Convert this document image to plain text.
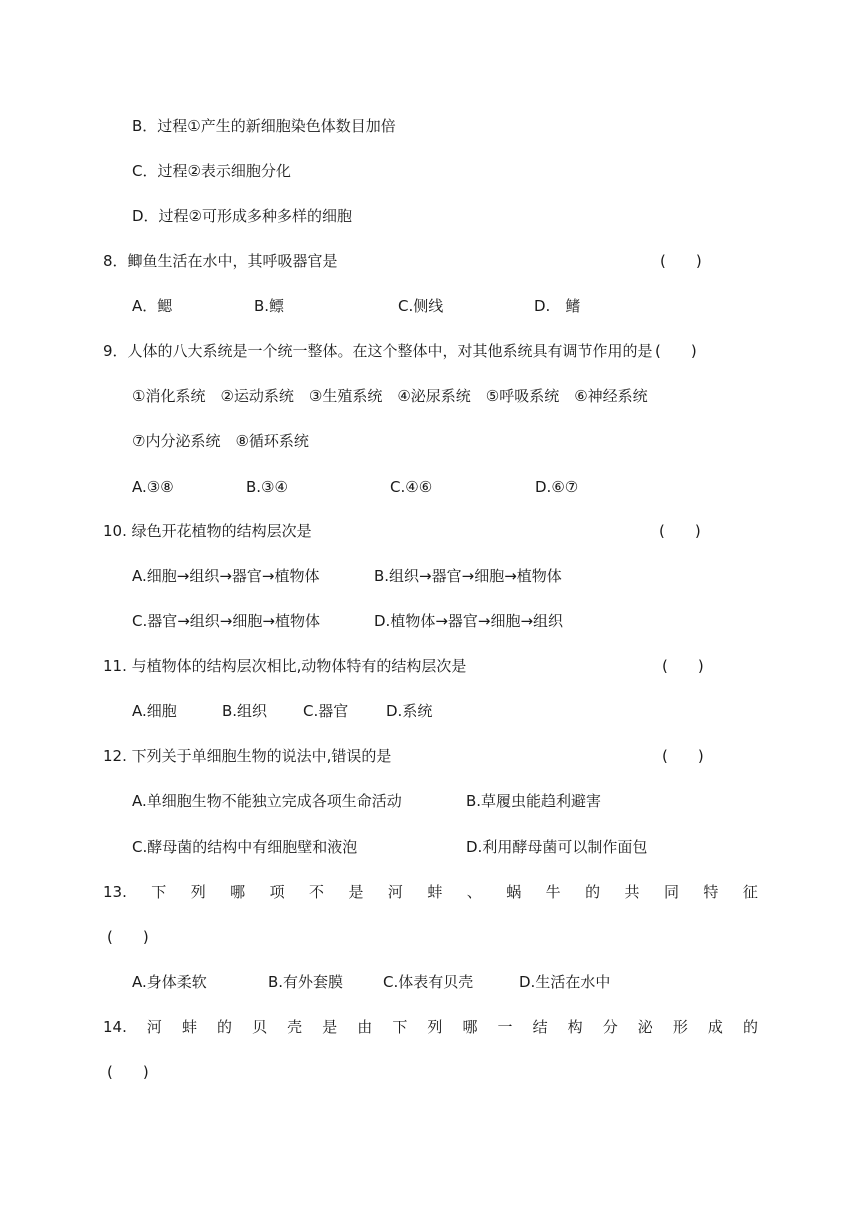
B．过程①产生的新细胞染色体数目加倍
C．过程②表示细胞分化
D．过程②可形成多种多样的细胞
8．鲫鱼生活在水中，其呼吸器官是	(　　)
A．鳃	B.鳔	C.侧线	D.　鳍
9．人体的八大系统是一个统一整体。在这个整体中，对其他系统具有调节作用的是 (　　)
①消化系统　②运动系统　③生殖系统　④泌尿系统　⑤呼吸系统　⑥神经系统
⑦内分泌系统　⑧循环系统
A.③⑧	B.③④	C.④⑥	D.⑥⑦
10. 绿色开花植物的结构层次是	(　　)
A.细胞→组织→器官→植物体	B.组织→器官→细胞→植物体
C.器官→组织→细胞→植物体	D.植物体→器官→细胞→组织
11. 与植物体的结构层次相比,动物体特有的结构层次是	(　　)
A.细胞	B.组织 C.器官	D.系统
12. 下列关于单细胞生物的说法中,错误的是	(　　)
A.单细胞生物不能独立完成各项生命活动	B.草履虫能趋利避害
C.酵母菌的结构中有细胞壁和液泡	D.利用酵母菌可以制作面包
13. 下 列 哪 项 不 是 河 蚌 、 蜗 牛 的 共 同 特 征
(　　)
A.身体柔软	B.有外套膜	C.体表有贝壳	D.生活在水中
14. 河 蚌 的 贝 壳 是 由 下 列 哪 一 结 构 分 泌 形 成 的
(　　)
